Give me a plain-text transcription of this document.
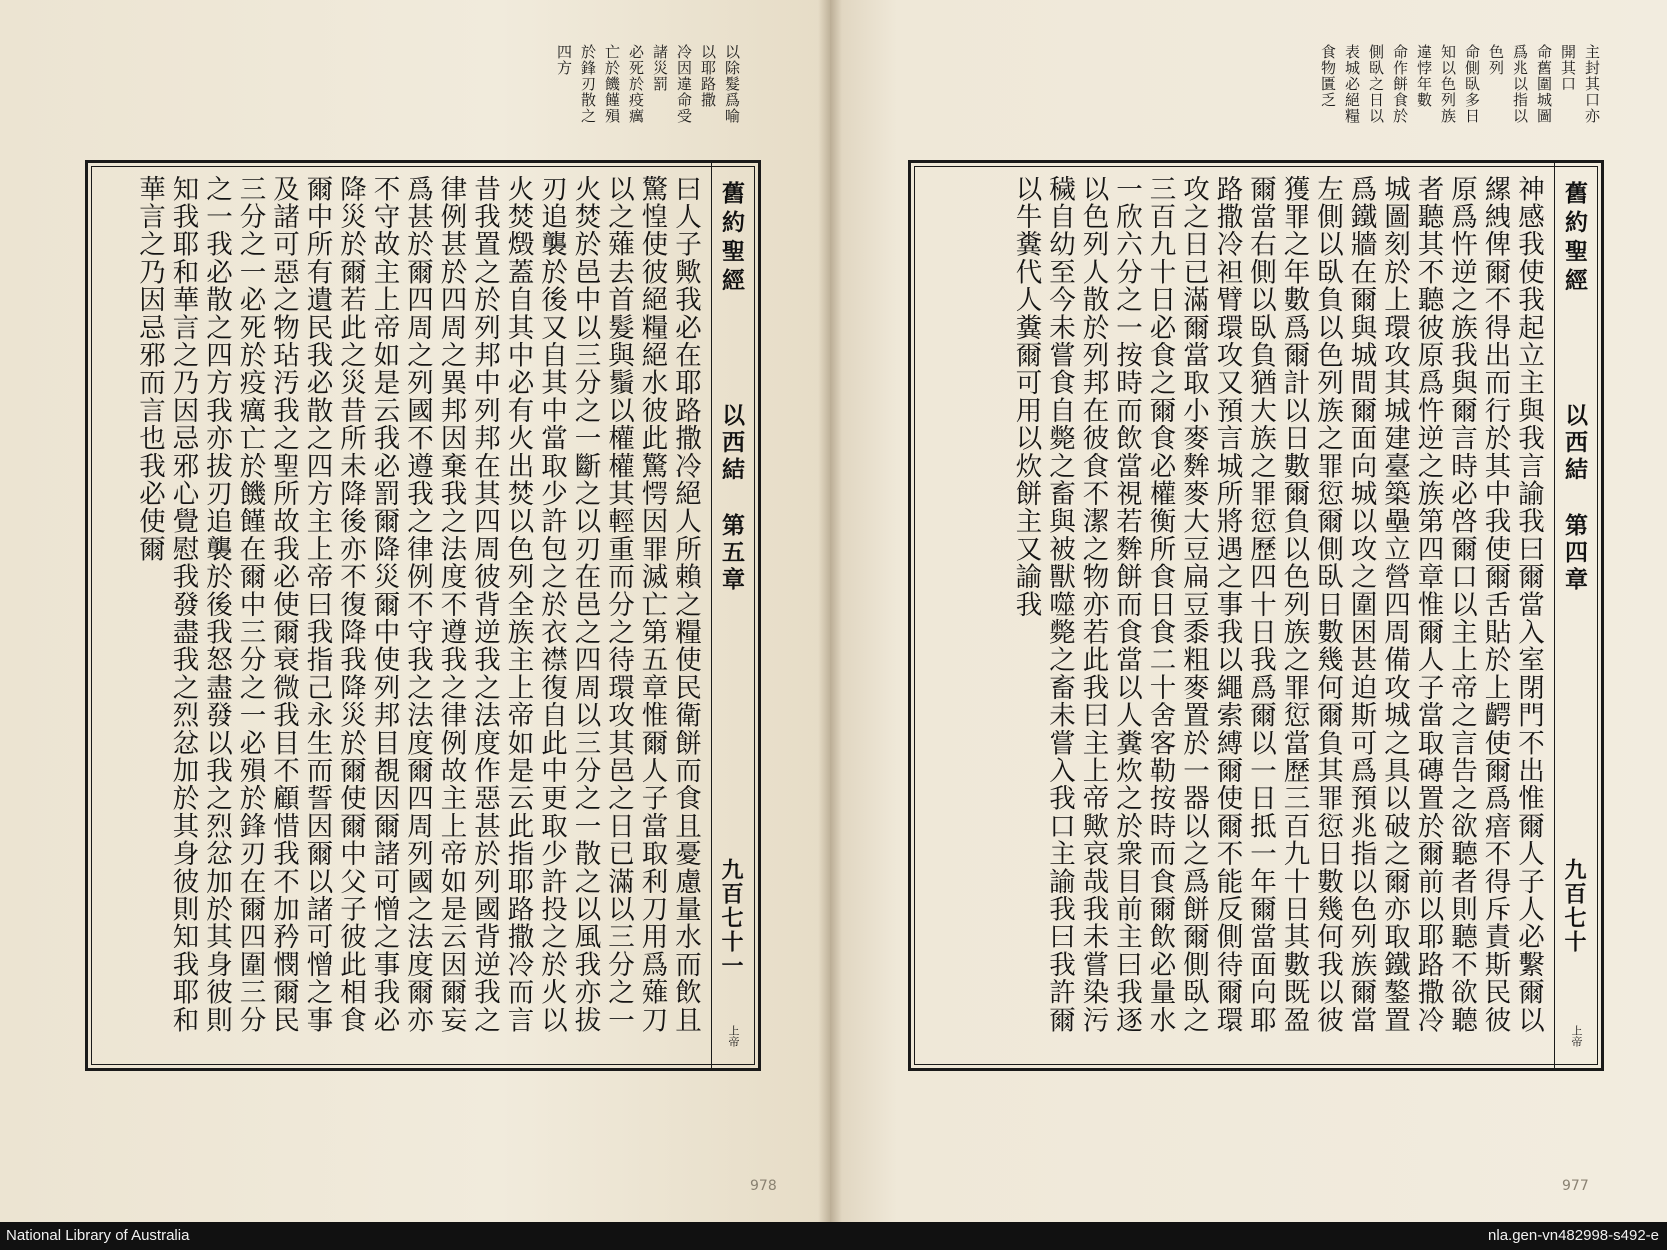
以除髮爲喻
以耶路撒
冷因違命受
諸災罰
必死於疫癘
亡於饑饉殞
於鋒刃散之
四方
舊約聖經
以西結
第五章
九百七十一
上帝

曰人子歟我必在耶路撒冷絕人所賴之糧使民衛餅而食且憂慮量水而飲且驚惶使彼絕糧絕水彼此驚愕因罪滅亡第五章惟爾人子當取利刀用爲薙刀以之薙去首髮與鬚以權權其輕重而分之待環攻其邑之日已滿以三分之一火焚於邑中以三分之一斷之以刃在邑之四周以三分之一散之以風我亦拔刃追襲於後又自其中當取少許包之於衣襟復自此中更取少許投之於火以火焚燬蓋自其中必有火出焚以色列全族主上帝如是云此指耶路撒冷而言昔我置之於列邦中列邦在其四周彼背逆我之法度作惡甚於列國背逆我之律例甚於四周之異邦因棄我之法度不遵我之律例故主上帝如是云因爾妄爲甚於爾四周之列國不遵我之律例不守我之法度爾四周列國之法度爾亦不守故主上帝如是云我必罰爾降災爾中使列邦目覩因爾諸可憎之事我必降災於爾若此之災昔所未降後亦不復降我降災於爾使爾中父子彼此相食爾中所有遺民我必散之四方主上帝曰我指己永生而誓因爾以諸可憎之事及諸可惡之物玷汚我之聖所故我必使爾衰微我目不顧惜我不加矜憫爾民三分之一必死於疫癘亡於饑饉在爾中三分之一必殞於鋒刃在爾四圍三分之一我必散之四方我亦拔刃追襲於後我怒盡發以我之烈忿加於其身彼則知我耶和華言之乃因忌邪心覺慰我發盡我之烈忿加於其身彼則知我耶和華言之乃因忌邪而言也我必使爾

978
主封其口亦
開其口
命舊圍城圖
爲兆以指以
色列
命側臥多日
知以色列族
違悖年數
命作餅食於
側臥之日以
表城必絕糧
食物匱乏
977
舊約聖經
以西結
第四章
九百七十
上帝

神感我使我起立主與我言諭我曰爾當入室閉門不出惟爾人子人必繫爾以縲絏俾爾不得出而行於其中我使爾舌貼於上齶使爾爲瘖不得斥責斯民彼原爲忤逆之族我與爾言時必啓爾口以主上帝之言告之欲聽者則聽不欲聽者聽其不聽彼原爲忤逆之族第四章惟爾人子當取磚置於爾前以耶路撒冷城圖刻於上環攻其城建臺築壘立營四周備攻城之具以破之爾亦取鐵鏊置爲鐵牆在爾與城間爾面向城以攻之圍困甚迫斯可爲預兆指以色列族爾當左側以臥負以色列族之罪愆爾側臥日數幾何爾負其罪愆日數幾何我以彼獲罪之年數爲爾計以日數爾負以色列族之罪愆當歷三百九十日其數既盈爾當右側以臥負猶大族之罪愆歷四十日我爲爾以一日抵一年爾當面向耶路撒冷袒臂環攻又預言城所將遇之事我以繩索縛爾使爾不能反側待爾環攻之日已滿爾當取小麥麰麥大豆扁豆黍粗麥置於一器以之爲餅爾側臥之三百九十日必食之爾食必權衡所食日食二十舍客勒按時而食爾飲必量水一欣六分之一按時而飲當視若麰餅而食當以人糞炊之於衆目前主曰我逐以色列人散於列邦在彼食不潔之物亦若此我曰主上帝歟哀哉我未嘗染污穢自幼至今未嘗食自斃之畜與被獸噬斃之畜未嘗入我口主諭我曰我許爾以牛糞代人糞爾可用以炊餅主又諭我

National Library of Australia	nla.gen-vn482998-s492-e
